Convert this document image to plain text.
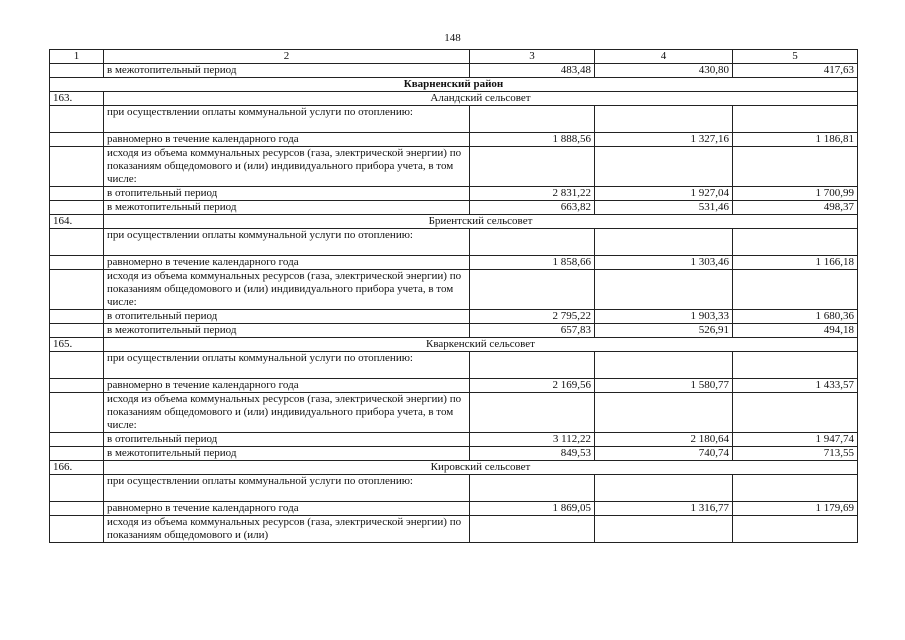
148
1	2	3	4	5
	в межотопительный период	483,48	430,80	417,63
Кварненский район				
163.	Аландский сельсовет			
	при осуществлении оплаты коммунальной услуги по отоплению:			
	равномерно в течение календарного года	1 888,56	1 327,16	1 186,81
	исходя из объема коммунальных ресурсов (газа, электрической энергии) по показаниям общедомового и (или) индивидуального прибора учета, в том числе:			
	в отопительный период	2 831,22	1 927,04	1 700,99
	в межотопительный период	663,82	531,46	498,37
164.	Бриентский сельсовет			
	при осуществлении оплаты коммунальной услуги по отоплению:			
	равномерно в течение календарного года	1 858,66	1 303,46	1 166,18
	исходя из объема коммунальных ресурсов (газа, электрической энергии) по показаниям общедомового и (или) индивидуального прибора учета, в том числе:			
	в отопительный период	2 795,22	1 903,33	1 680,36
	в межотопительный период	657,83	526,91	494,18
165.	Кваркенский сельсовет			
	при осуществлении оплаты коммунальной услуги по отоплению:			
	равномерно в течение календарного года	2 169,56	1 580,77	1 433,57
	исходя из объема коммунальных ресурсов (газа, электрической энергии) по показаниям общедомового и (или) индивидуального прибора учета, в том числе:			
	в отопительный период	3 112,22	2 180,64	1 947,74
	в межотопительный период	849,53	740,74	713,55
166.	Кировский сельсовет			
	при осуществлении оплаты коммунальной услуги по отоплению:			
	равномерно в течение календарного года	1 869,05	1 316,77	1 179,69
	исходя из объема коммунальных ресурсов (газа, электрической энергии) по показаниям общедомового и (или)			
